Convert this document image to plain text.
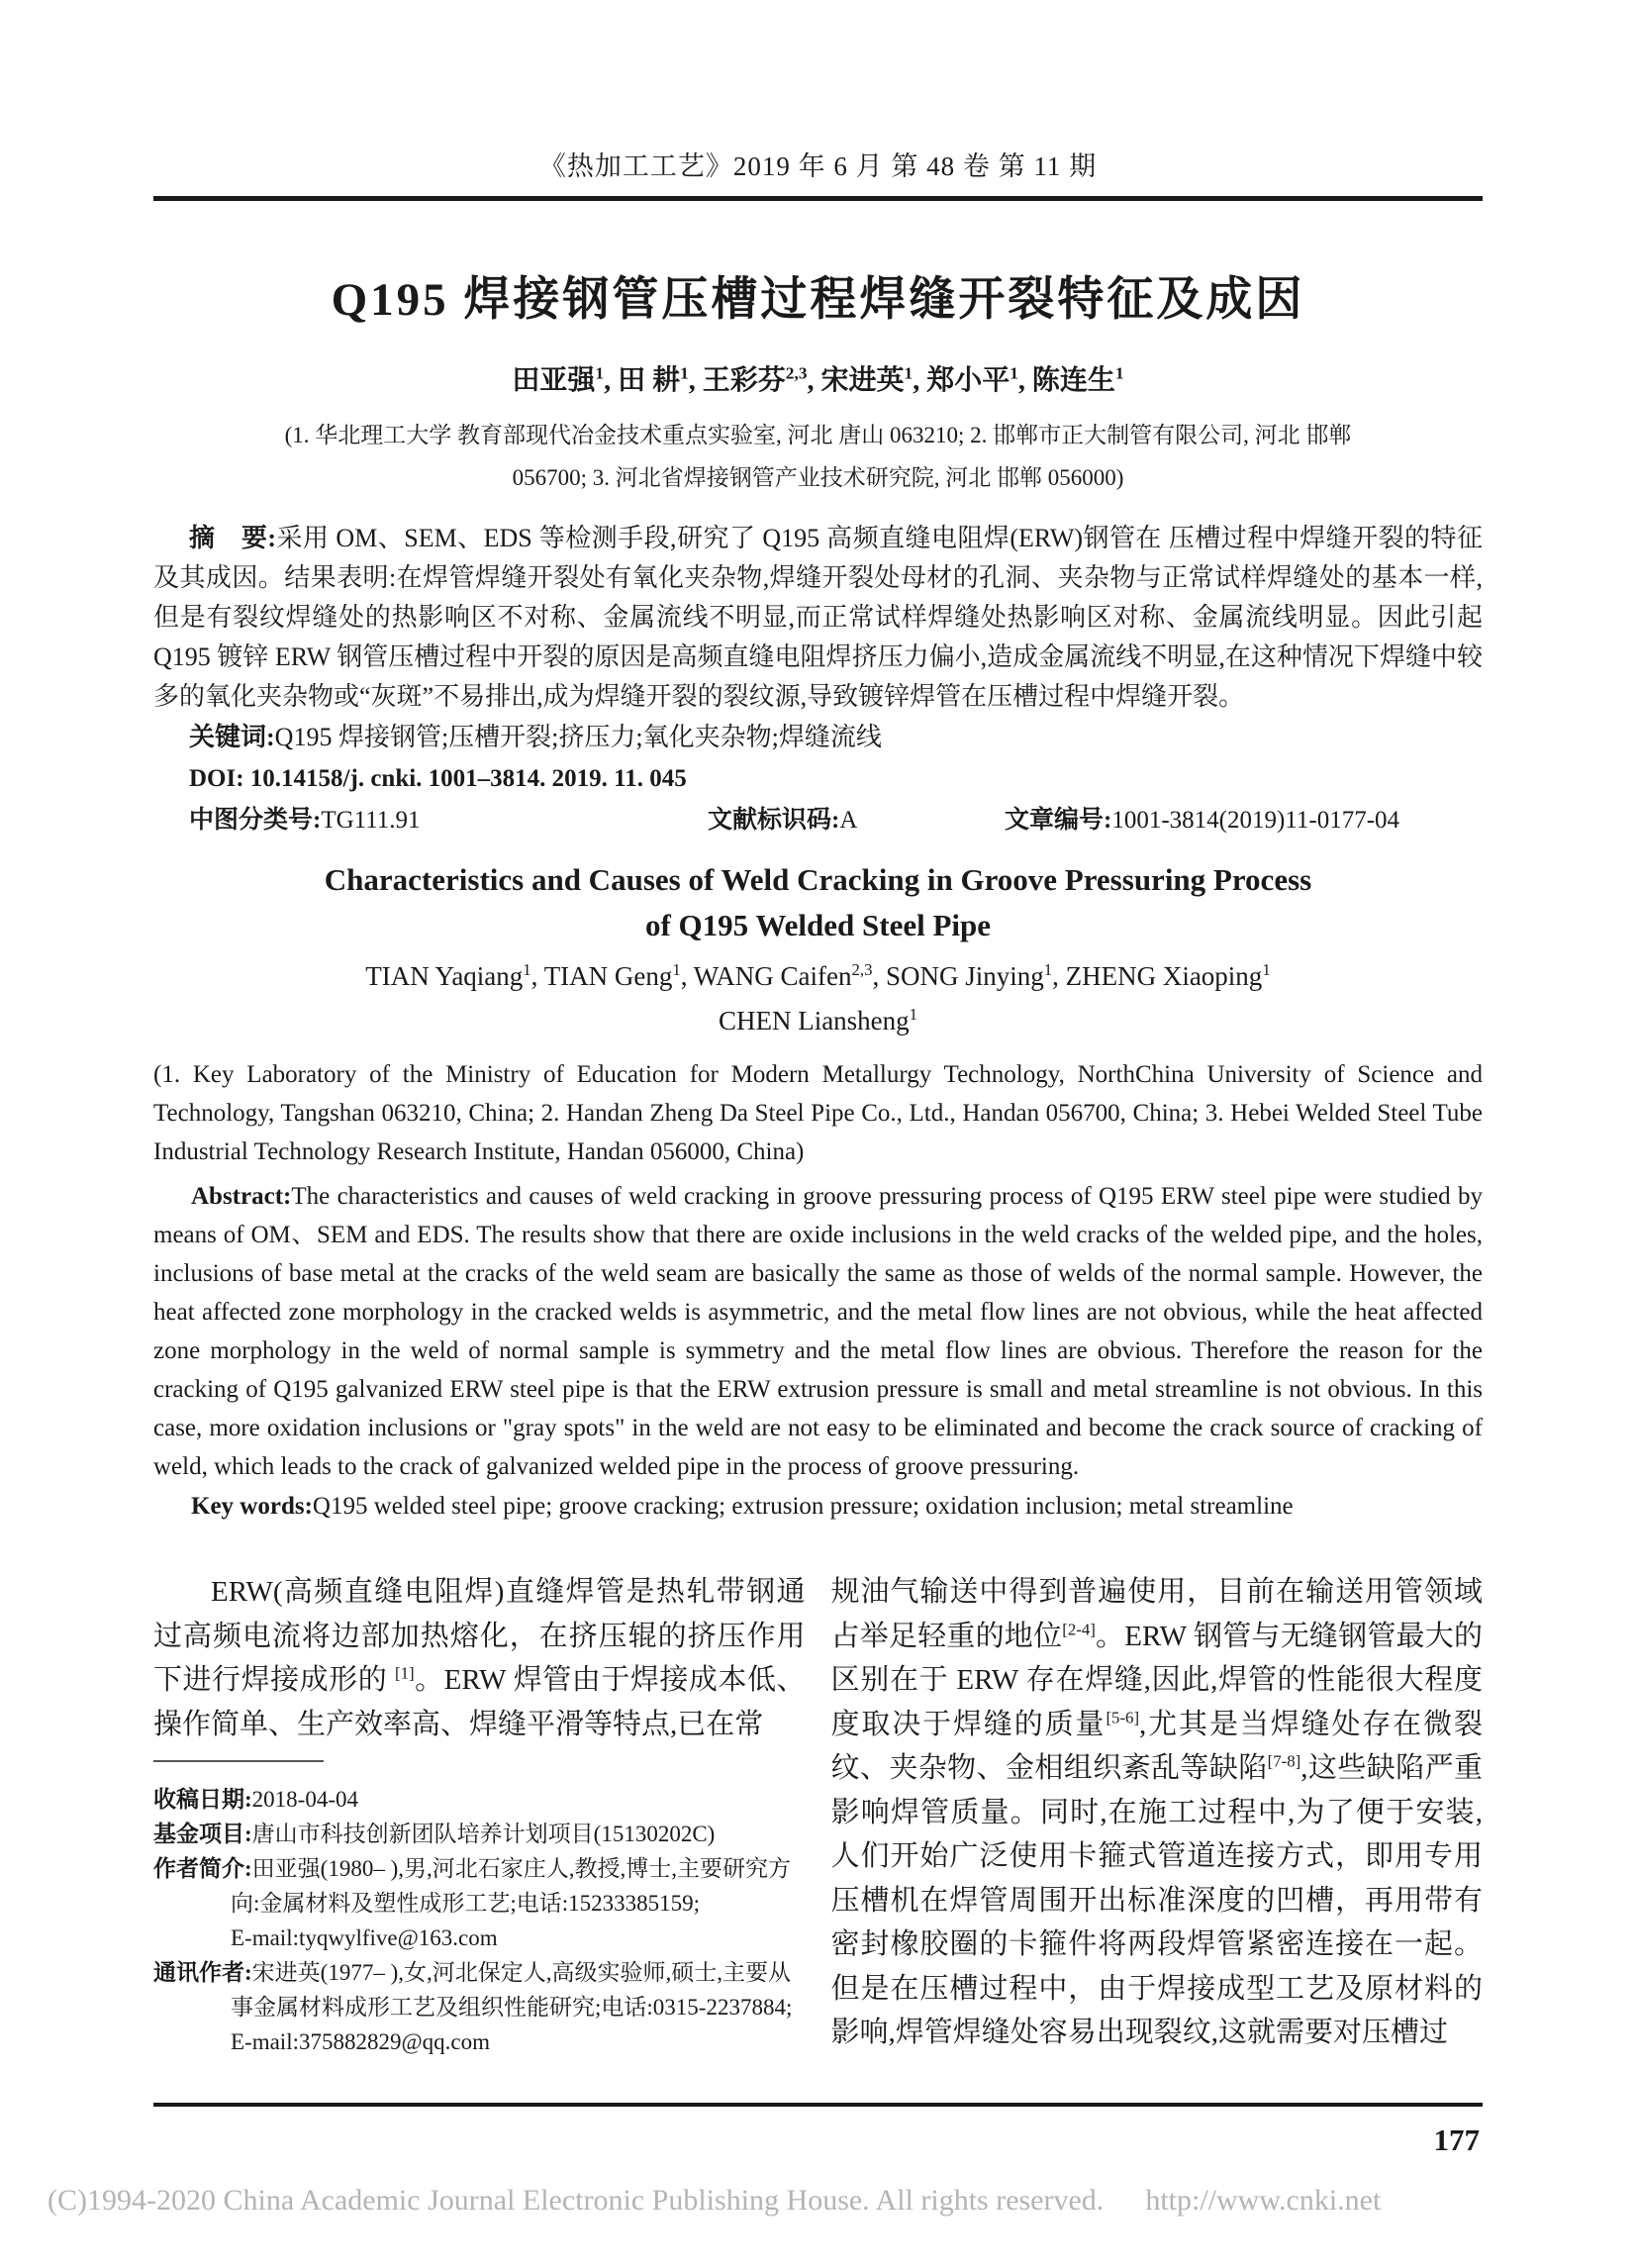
《热加工工艺》2019 年 6 月 第 48 卷 第 11 期
Q195 焊接钢管压槽过程焊缝开裂特征及成因
田亚强$^1$, 田 耕$^1$, 王彩芬$^{2,3}$, 宋进英$^1$, 郑小平$^1$, 陈连生$^1$
(1. 华北理工大学 教育部现代冶金技术重点实验室, 河北 唐山 063210; 2. 邯郸市正大制管有限公司, 河北 邯郸
056700; 3. 河北省焊接钢管产业技术研究院, 河北 邯郸 056000)
摘　要:采用 OM、SEM、EDS 等检测手段,研究了 Q195 高频直缝电阻焊(ERW)钢管在 压槽过程中焊缝开裂的特征及其成因。结果表明:在焊管焊缝开裂处有氧化夹杂物,焊缝开裂处母材的孔洞、夹杂物与正常试样焊缝处的基本一样,但是有裂纹焊缝处的热影响区不对称、金属流线不明显,而正常试样焊缝处热影响区对称、金属流线明显。因此引起 Q195 镀锌 ERW 钢管压槽过程中开裂的原因是高频直缝电阻焊挤压力偏小,造成金属流线不明显,在这种情况下焊缝中较多的氧化夹杂物或“灰斑”不易排出,成为焊缝开裂的裂纹源,导致镀锌焊管在压槽过程中焊缝开裂。
关键词:Q195 焊接钢管;压槽开裂;挤压力;氧化夹杂物;焊缝流线
DOI: 10.14158/j. cnki. 1001–3814. 2019. 11. 045
中图分类号:TG111.91	文献标识码:A	文章编号:1001-3814(2019)11-0177-04
Characteristics and Causes of Weld Cracking in Groove Pressuring Process
of Q195 Welded Steel Pipe
TIAN Yaqiang$^1$, TIAN Geng$^1$, WANG Caifen$^{2,3}$, SONG Jinying$^1$, ZHENG Xiaoping$^1$
CHEN Liansheng$^1$
(1. Key Laboratory of the Ministry of Education for Modern Metallurgy Technology, NorthChina University of Science and Technology, Tangshan 063210, China; 2. Handan Zheng Da Steel Pipe Co., Ltd., Handan 056700, China; 3. Hebei Welded Steel Tube Industrial Technology Research Institute, Handan 056000, China)
Abstract:The characteristics and causes of weld cracking in groove pressuring process of Q195 ERW steel pipe were studied by means of OM、SEM and EDS. The results show that there are oxide inclusions in the weld cracks of the welded pipe, and the holes, inclusions of base metal at the cracks of the weld seam are basically the same as those of welds of the normal sample. However, the heat affected zone morphology in the cracked welds is asymmetric, and the metal flow lines are not obvious, while the heat affected zone morphology in the weld of normal sample is symmetry and the metal flow lines are obvious. Therefore the reason for the cracking of Q195 galvanized ERW steel pipe is that the ERW extrusion pressure is small and metal streamline is not obvious. In this case, more oxidation inclusions or "gray spots" in the weld are not easy to be eliminated and become the crack source of cracking of weld, which leads to the crack of galvanized welded pipe in the process of groove pressuring.
Key words:Q195 welded steel pipe; groove cracking; extrusion pressure; oxidation inclusion; metal streamline

ERW(高频直缝电阻焊)直缝焊管是热轧带钢通过高频电流将边部加热熔化，在挤压辊的挤压作用下进行焊接成形的 [1]。ERW 焊管由于焊接成本低、操作简单、生产效率高、焊缝平滑等特点,已在常

收稿日期:2018-04-04
基金项目:唐山市科技创新团队培养计划项目(15130202C)
作者简介:田亚强(1980– ),男,河北石家庄人,教授,博士,主要研究方向:金属材料及塑性成形工艺;电话:15233385159;
E-mail:tyqwylfive@163.com
通讯作者:宋进英(1977– ),女,河北保定人,高级实验师,硕士,主要从事金属材料成形工艺及组织性能研究;电话:0315-2237884;
E-mail:375882829@qq.com

规油气输送中得到普遍使用，目前在输送用管领域占举足轻重的地位[2-4]。ERW 钢管与无缝钢管最大的区别在于 ERW 存在焊缝,因此,焊管的性能很大程度度取决于焊缝的质量[5-6],尤其是当焊缝处存在微裂纹、夹杂物、金相组织紊乱等缺陷[7-8],这些缺陷严重影响焊管质量。同时,在施工过程中,为了便于安装,人们开始广泛使用卡箍式管道连接方式，即用专用压槽机在焊管周围开出标准深度的凹槽，再用带有密封橡胶圈的卡箍件将两段焊管紧密连接在一起。但是在压槽过程中，由于焊接成型工艺及原材料的影响,焊管焊缝处容易出现裂纹,这就需要对压槽过

177
(C)1994-2020 China Academic Journal Electronic Publishing House. All rights reserved. http://www.cnki.net
